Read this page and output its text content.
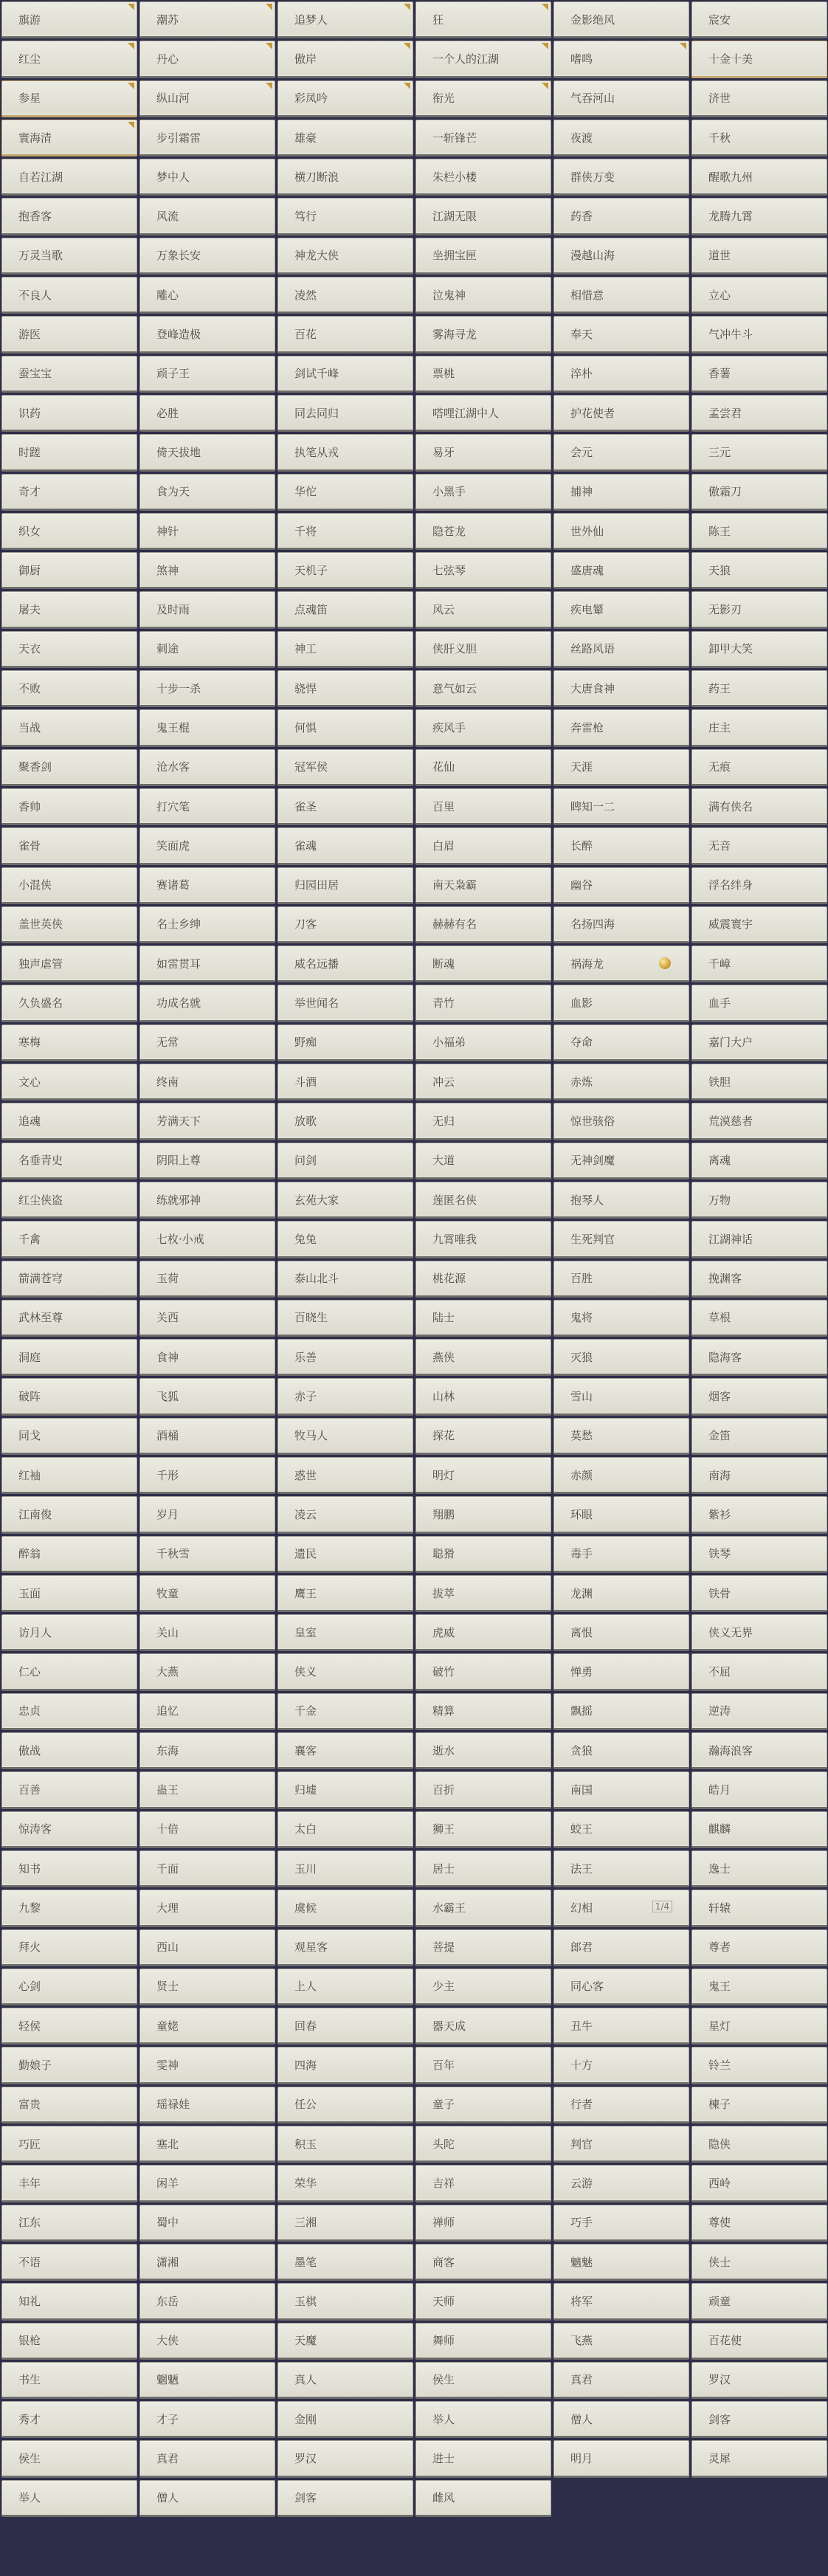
旗游	潮苏	追梦人	狂	金影绝风	宸安
红尘	丹心	傲岸	一个人的江湖	嗜鸣	十金十美
参星	纵山河	彩凤吟	衔光	气吞河山	济世
寰海清	步引霜雷	雄豪	一斩锋芒	夜渡	千秋
自若江湖	梦中人	横刀断浪	朱栏小楼	群侠万变	醒歌九州
抱香客	风流	笃行	江湖无限	药香	龙腾九霄
万灵当歌	万象长安	神龙大侠	坐拥宝匣	漫越山海	道世
不良人	雕心	凌然	泣鬼神	相惜意	立心
游医	登峰造极	百花	雾海寻龙	奉天	气冲牛斗
蚕宝宝	顽子王	剑试千峰	票桃	淬朴	香薯
识药	必胜	同去同归	嗒哩江湖中人	护花使者	孟尝君
时蹉	倚天拔地	执笔从戎	易牙	会元	三元
奇才	食为天	华佗	小黑手	捕神	傲霜刀
织女	神针	千将	隐苍龙	世外仙	陈王
御厨	煞神	天机子	七弦琴	盛唐魂	天狼
屠夫	及时雨	点魂笛	风云	疾电颦	无影刃
天衣	刺途	神工	侠肝义胆	丝路风语	卸甲大笑
不败	十步一杀	骁悍	意气如云	大唐食神	药王
当战	鬼王棍	何惧	疾风手	奔雷枪	庄主
聚香剑	沧水客	冠军侯	花仙	天涯	无痕
香帅	打穴笔	雀圣	百里	睥知一二	满有侠名
雀骨	笑面虎	雀魂	白眉	长醉	无音
小混侠	赛诸葛	归园田居	南天枭霸	幽谷	浮名绊身
盖世英侠	名士乡绅	刀客	赫赫有名	名扬四海	威震寰宇
独声虐管	如雷贯耳	威名远播	断魂	祸海龙	千嶂
久负盛名	功成名就	举世闻名	青竹	血影	血手
寒梅	无常	野痴	小福弟	夺命	嘉门大户
文心	终南	斗酒	冲云	赤炼	铁胆
追魂	芳满天下	放歌	无归	惊世骇俗	荒漠慈者
名垂青史	阴阳上尊	问剑	大道	无神剑魔	离魂
红尘侠盗	练就邪神	玄苑大家	莲匿名侠	抱琴人	万物
千禽	七枚·小戒	兔兔	九霄唯我	生死判官	江湖神话
箭满苍穹	玉荷	泰山北斗	桃花源	百胜	挽渊客
武林至尊	关西	百晓生	陆士	鬼将	草根
洞庭	食神	乐善	燕侠	灭狼	隐海客
破阵	飞狐	赤子	山林	雪山	烟客
同戈	酒桶	牧马人	探花	莫愁	金笛
红袖	千形	惑世	明灯	赤颜	南海
江南俊	岁月	凌云	翔鹏	环眼	紫衫
醉翁	千秋雪	遗民	聪猾	毒手	铁琴
玉面	牧童	鹰王	拔萃	龙渊	铁骨
访月人	关山	皇室	虎威	离恨	侠义无界
仁心	大燕	侠义	破竹	惮勇	不屈
忠贞	追忆	千金	精算	飘摇	逆涛
傲战	东海	襄客	逝水	贪狼	瀚海浪客
百善	蛊王	归墟	百折	南国	皓月
惊涛客	十倍	太白	狮王	蛟王	麒麟
知书	千面	玉川	居士	法王	逸士
九黎	大理	虞候	水霸王	幻相	1/4	轩辕
拜火	西山	观星客	菩提	郎君	尊者
心剑	贤士	上人	少主	同心客	鬼王
轻侯	童姥	回春	器天成	丑牛	星灯
勤娘子	雯神	四海	百年	十方	铃兰
富贵	瑶禄娃	任公	童子	行者	楝子
巧匠	塞北	积玉	头陀	判官	隐侠
丰年	闲羊	荣华	吉祥	云游	西岭
江东	蜀中	三湘	禅师	巧手	尊使
不语	潇湘	墨笔	商客	魑魅	侠士
知礼	东岳	玉棋	天师	将军	顽童
银枪	大侠	天魔	舞师	飞燕	百花使
书生	魍魉	真人	侯生	真君	罗汉
秀才	才子	金刚	举人	僧人	剑客
侯生	真君	罗汉	进士	明月	灵犀
举人	僧人	剑客	雌风
